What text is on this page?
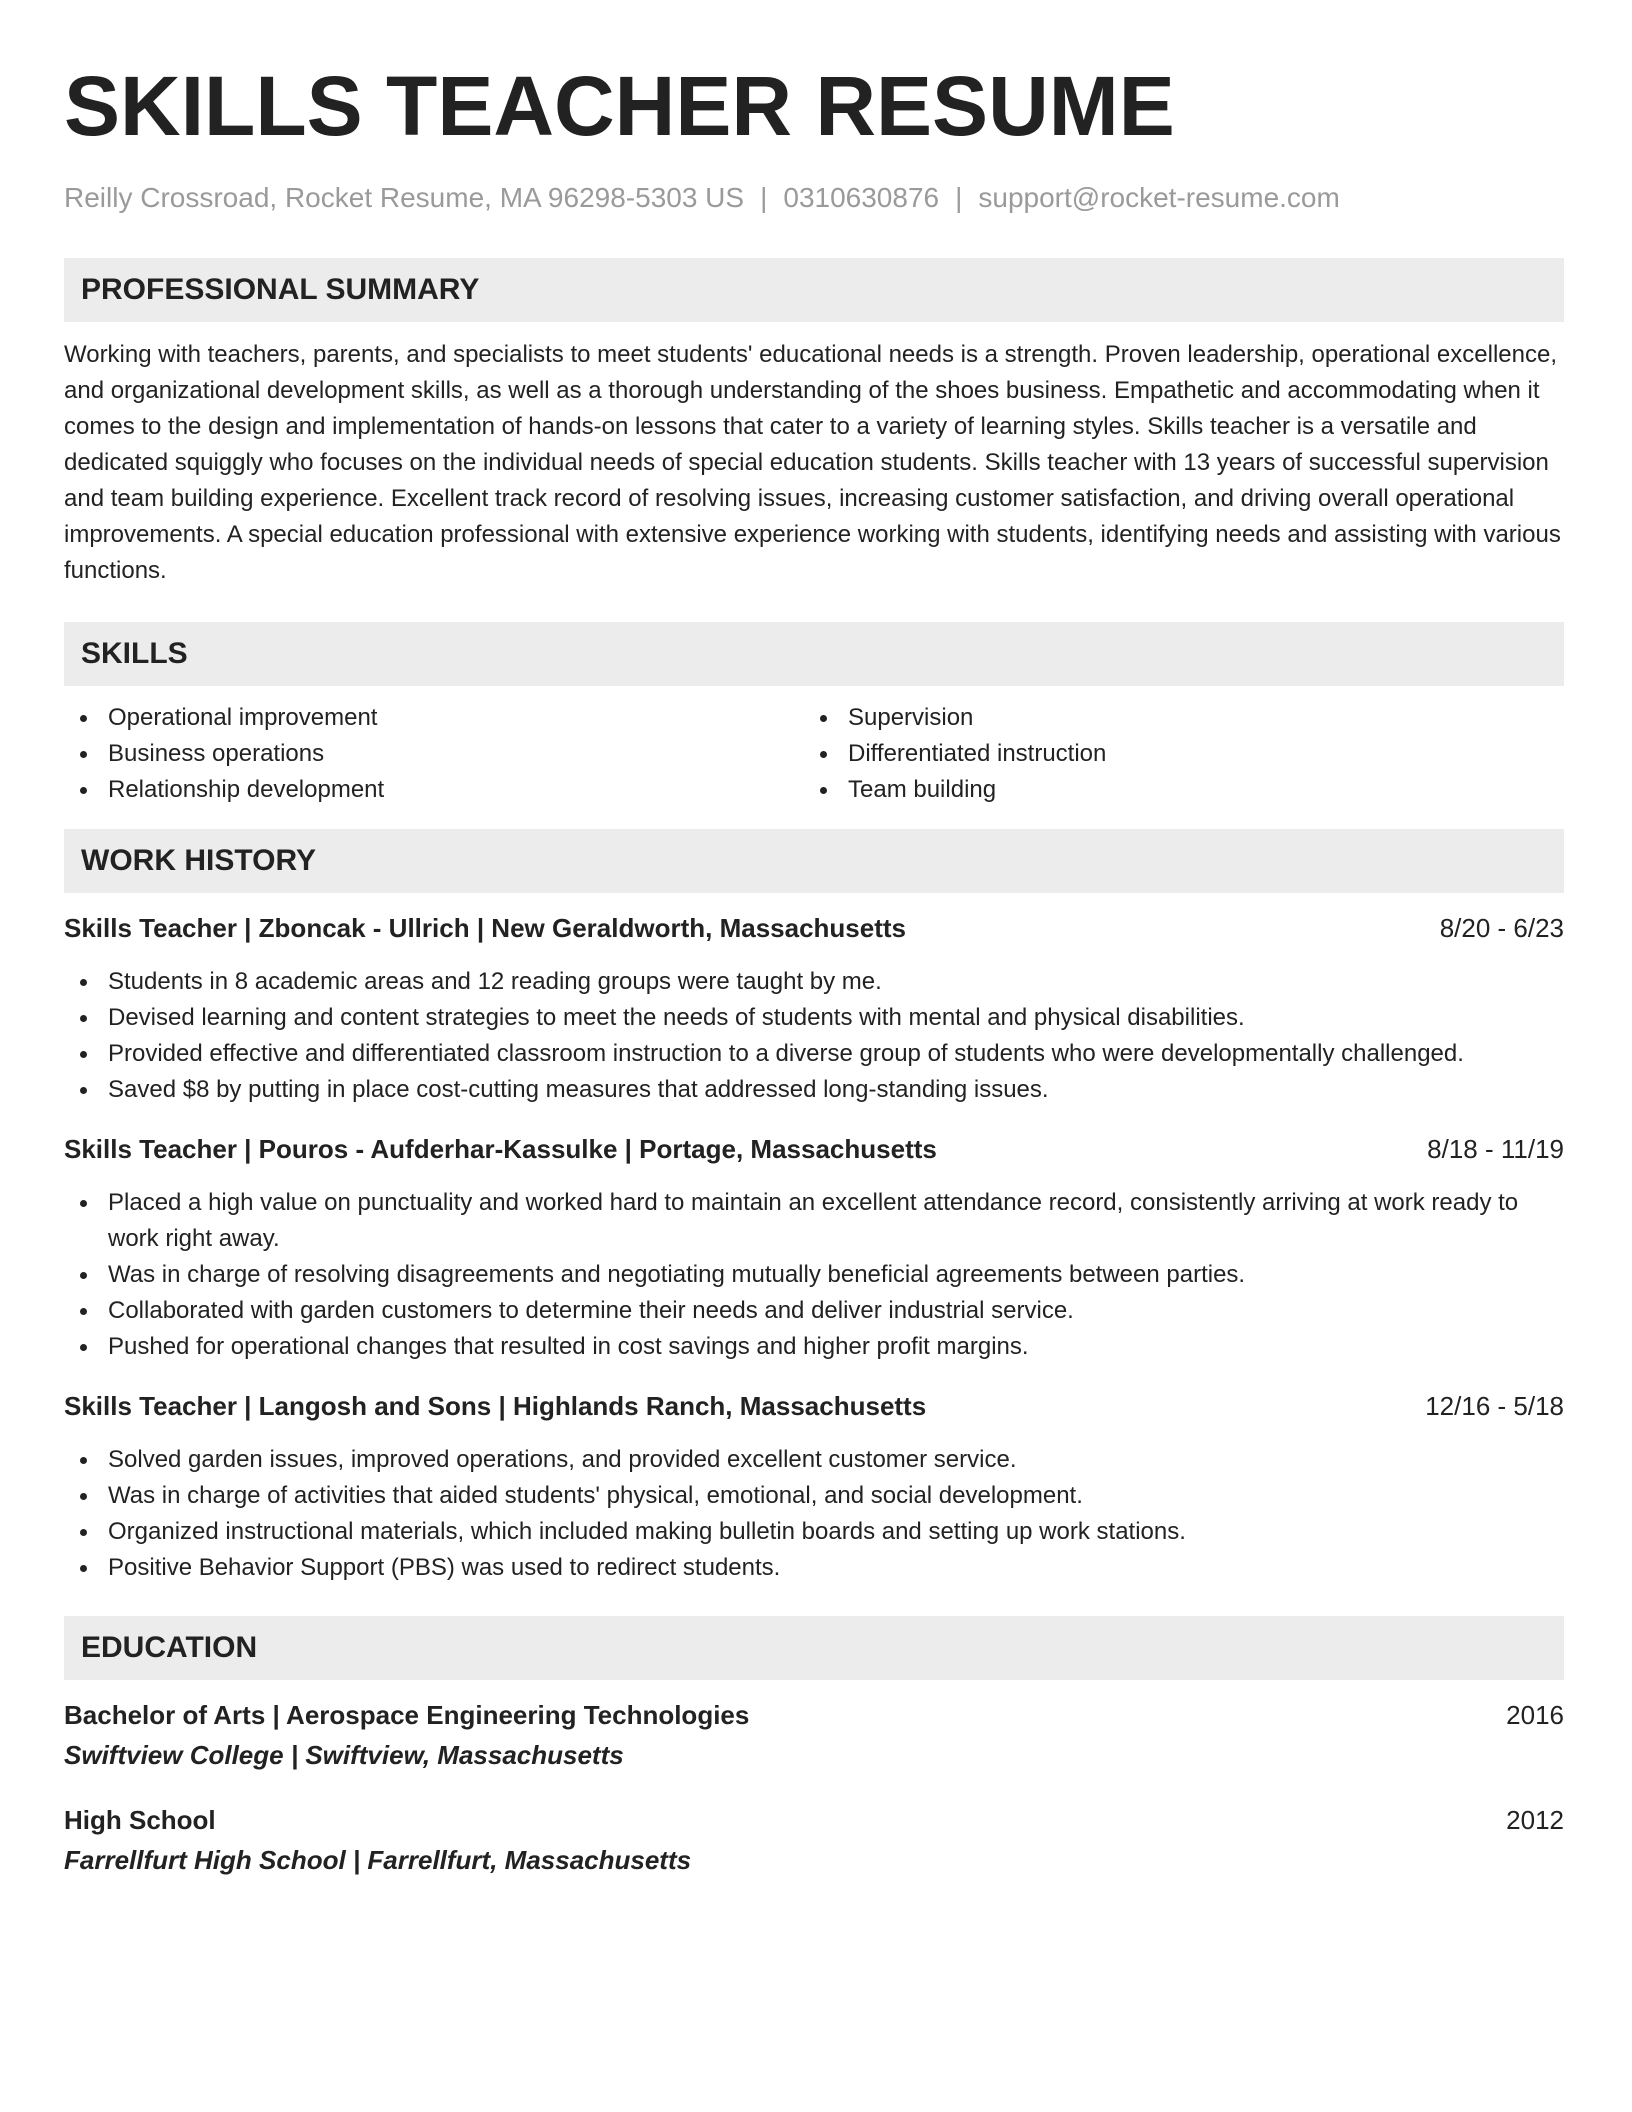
SKILLS TEACHER RESUME
Reilly Crossroad, Rocket Resume, MA 96298-5303 US | 0310630876 | support@rocket-resume.com
PROFESSIONAL SUMMARY
Working with teachers, parents, and specialists to meet students' educational needs is a strength. Proven leadership, operational excellence, and organizational development skills, as well as a thorough understanding of the shoes business. Empathetic and accommodating when it comes to the design and implementation of hands-on lessons that cater to a variety of learning styles. Skills teacher is a versatile and dedicated squiggly who focuses on the individual needs of special education students. Skills teacher with 13 years of successful supervision and team building experience. Excellent track record of resolving issues, increasing customer satisfaction, and driving overall operational improvements. A special education professional with extensive experience working with students, identifying needs and assisting with various functions.
SKILLS
Operational improvement
Business operations
Relationship development
Supervision
Differentiated instruction
Team building
WORK HISTORY
Skills Teacher | Zboncak - Ullrich | New Geraldworth, Massachusetts	8/20 - 6/23
Students in 8 academic areas and 12 reading groups were taught by me.
Devised learning and content strategies to meet the needs of students with mental and physical disabilities.
Provided effective and differentiated classroom instruction to a diverse group of students who were developmentally challenged.
Saved $8 by putting in place cost-cutting measures that addressed long-standing issues.
Skills Teacher | Pouros - Aufderhar-Kassulke | Portage, Massachusetts	8/18 - 11/19
Placed a high value on punctuality and worked hard to maintain an excellent attendance record, consistently arriving at work ready to work right away.
Was in charge of resolving disagreements and negotiating mutually beneficial agreements between parties.
Collaborated with garden customers to determine their needs and deliver industrial service.
Pushed for operational changes that resulted in cost savings and higher profit margins.
Skills Teacher | Langosh and Sons | Highlands Ranch, Massachusetts	12/16 - 5/18
Solved garden issues, improved operations, and provided excellent customer service.
Was in charge of activities that aided students' physical, emotional, and social development.
Organized instructional materials, which included making bulletin boards and setting up work stations.
Positive Behavior Support (PBS) was used to redirect students.
EDUCATION
Bachelor of Arts | Aerospace Engineering Technologies	2016
Swiftview College | Swiftview, Massachusetts
High School	2012
Farrellfurt High School | Farrellfurt, Massachusetts
